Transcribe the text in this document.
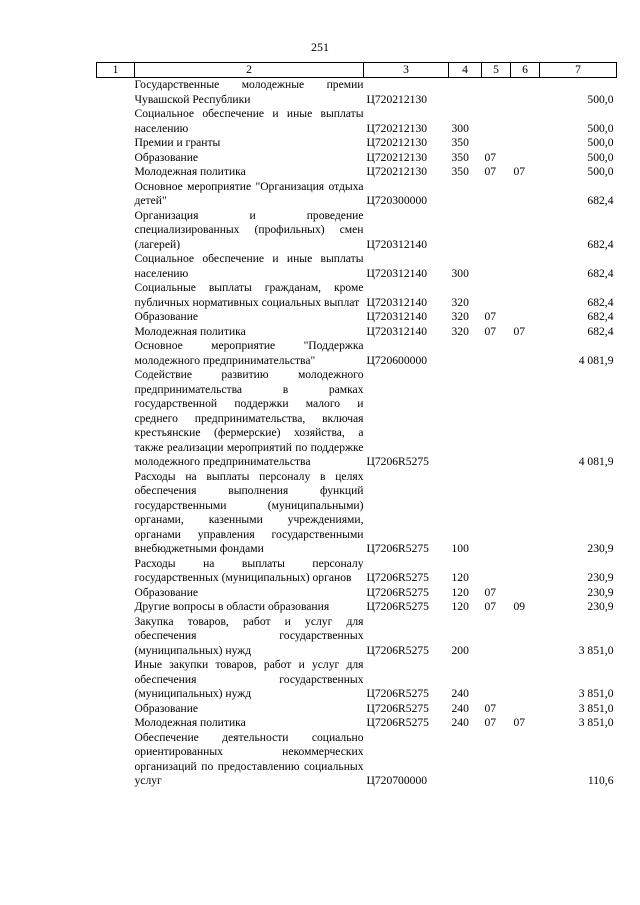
251
1	2	3	4	5	6	7
	Государственные молодежные премии Чувашской Республики	Ц720212130				500,0
	Социальное обеспечение и иные выплаты населению	Ц720212130	300			500,0
	Премии и гранты	Ц720212130	350			500,0
	Образование	Ц720212130	350	07		500,0
	Молодежная политика	Ц720212130	350	07	07	500,0
	Основное мероприятие "Организация отдыха детей"	Ц720300000				682,4
	Организация и проведение специализированных (профильных) смен (лагерей)	Ц720312140				682,4
	Социальное обеспечение и иные выплаты населению	Ц720312140	300			682,4
	Социальные выплаты гражданам, кроме публичных нормативных социальных выплат	Ц720312140	320			682,4
	Образование	Ц720312140	320	07		682,4
	Молодежная политика	Ц720312140	320	07	07	682,4
	Основное мероприятие "Поддержка молодежного предпринимательства"	Ц720600000				4 081,9
	Содействие развитию молодежного предпринимательства в рамках государственной поддержки малого и среднего предпринимательства, включая крестьянские (фермерские) хозяйства, а также реализации мероприятий по поддержке молодежного предпринимательства	Ц7206R5275				4 081,9
	Расходы на выплаты персоналу в целях обеспечения выполнения функций государственными (муниципальными) органами, казенными учреждениями, органами управления государственными внебюджетными фондами	Ц7206R5275	100			230,9
	Расходы на выплаты персоналу государственных (муниципальных) органов	Ц7206R5275	120			230,9
	Образование	Ц7206R5275	120	07		230,9
	Другие вопросы в области образования	Ц7206R5275	120	07	09	230,9
	Закупка товаров, работ и услуг для обеспечения государственных (муниципальных) нужд	Ц7206R5275	200			3 851,0
	Иные закупки товаров, работ и услуг для обеспечения государственных (муниципальных) нужд	Ц7206R5275	240			3 851,0
	Образование	Ц7206R5275	240	07		3 851,0
	Молодежная политика	Ц7206R5275	240	07	07	3 851,0
	Обеспечение деятельности социально ориентированных некоммерческих организаций по предоставлению социальных услуг	Ц720700000				110,6
